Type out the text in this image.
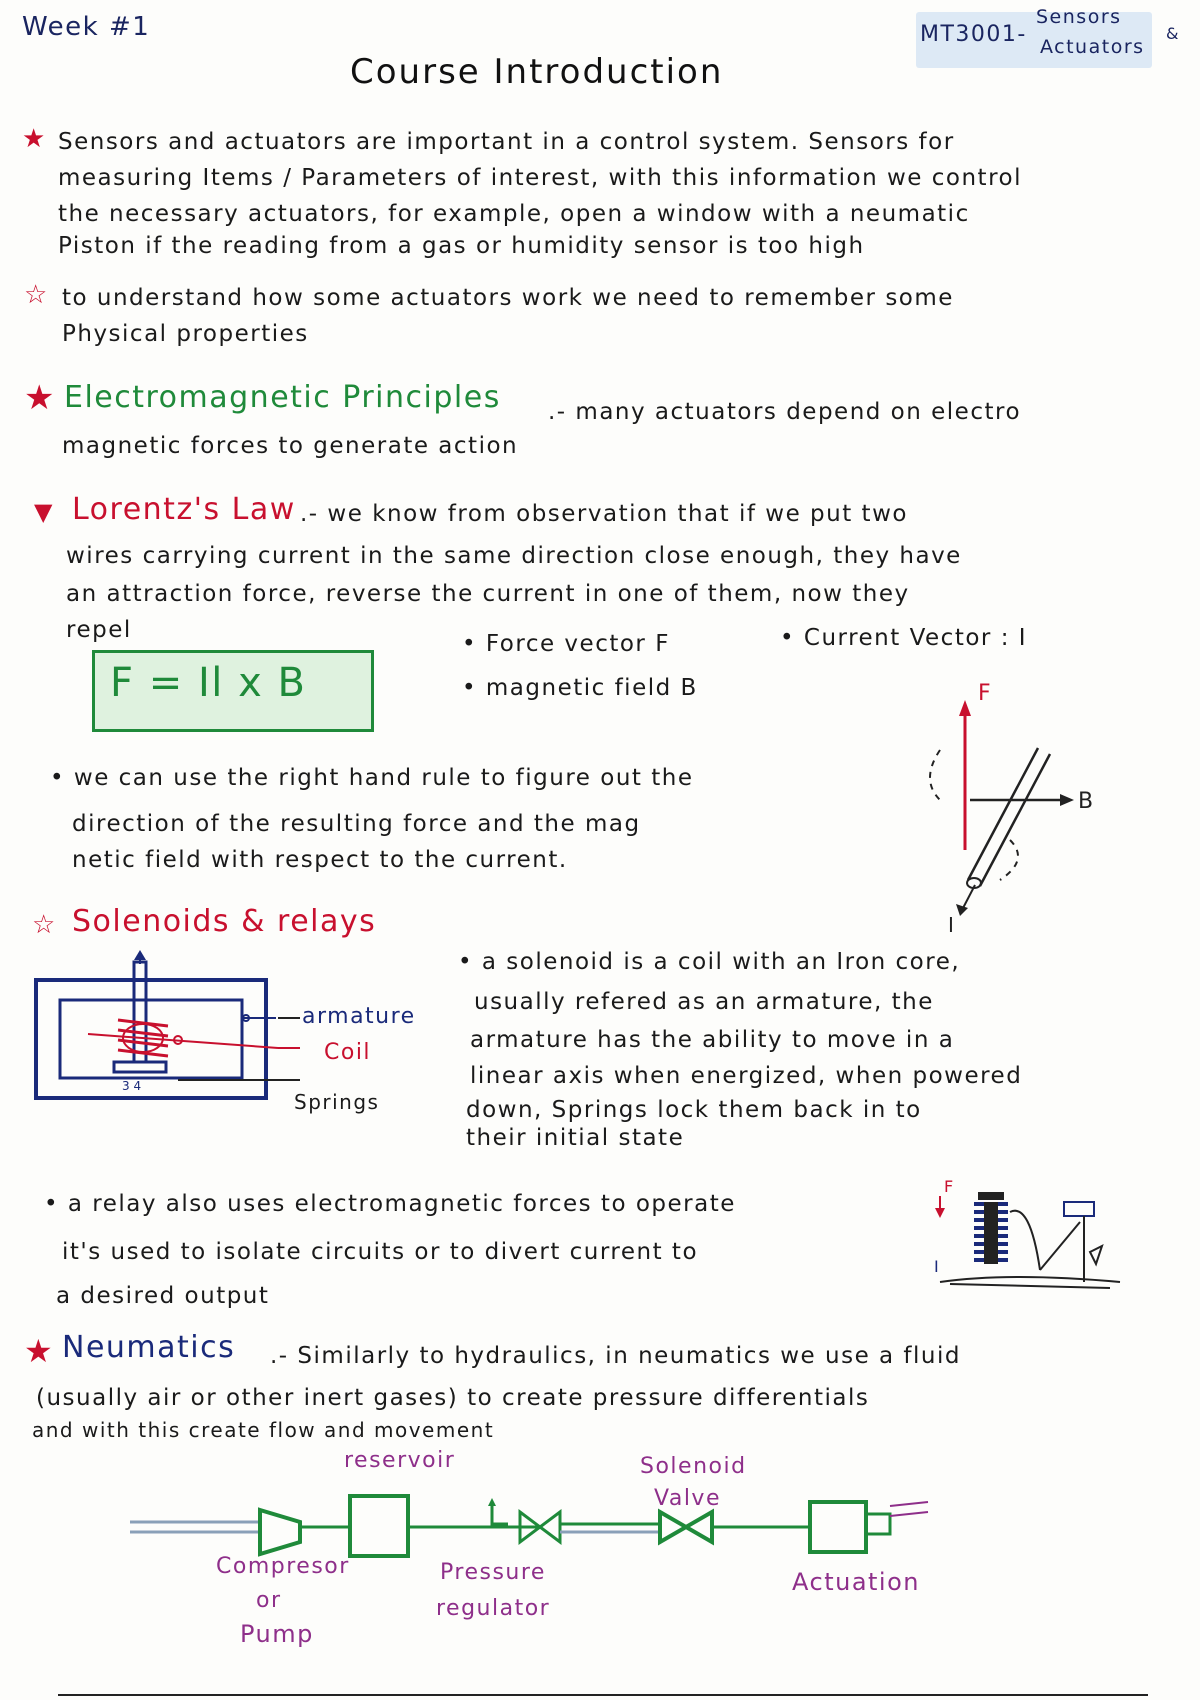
Week #1	MT3001-
Sensors
Actuators
&
Course Introduction
★ Sensors and actuators are important in a control system. Sensors for
measuring Items / Parameters of interest, with this information we control
the necessary actuators, for example, open a window with a neumatic
Piston if the reading from a gas or humidity sensor is too high
☆ to understand how some actuators work we need to remember some
Physical properties
★ Electromagnetic Principles .- many actuators depend on electro
magnetic forces to generate action
▼ Lorentz's Law .- we know from observation that if we put two
wires carrying current in the same direction close enough, they have
an attraction force, reverse the current in one of them, now they
repel
F = Il x B
• Force vector F	• Current Vector : I
• magnetic field B
• we can use the right hand rule to figure out the
direction of the resulting force and the mag
netic field with respect to the current.
F
B
I
☆ Solenoids & relays
3 4
armature
Coil
Springs
• a solenoid is a coil with an Iron core,
usually refered as an armature, the
armature has the ability to move in a
linear axis when energized, when powered
down, Springs lock them back in to
their initial state
• a relay also uses electromagnetic forces to operate
it's used to isolate circuits or to divert current to
a desired output
F
I
★ Neumatics .- Similarly to hydraulics, in neumatics we use a fluid
(usually air or other inert gases) to create pressure differentials
and with this create flow and movement
reservoir	Solenoid
Valve
Compresor
or
Pump
Pressure
regulator
Actuation
